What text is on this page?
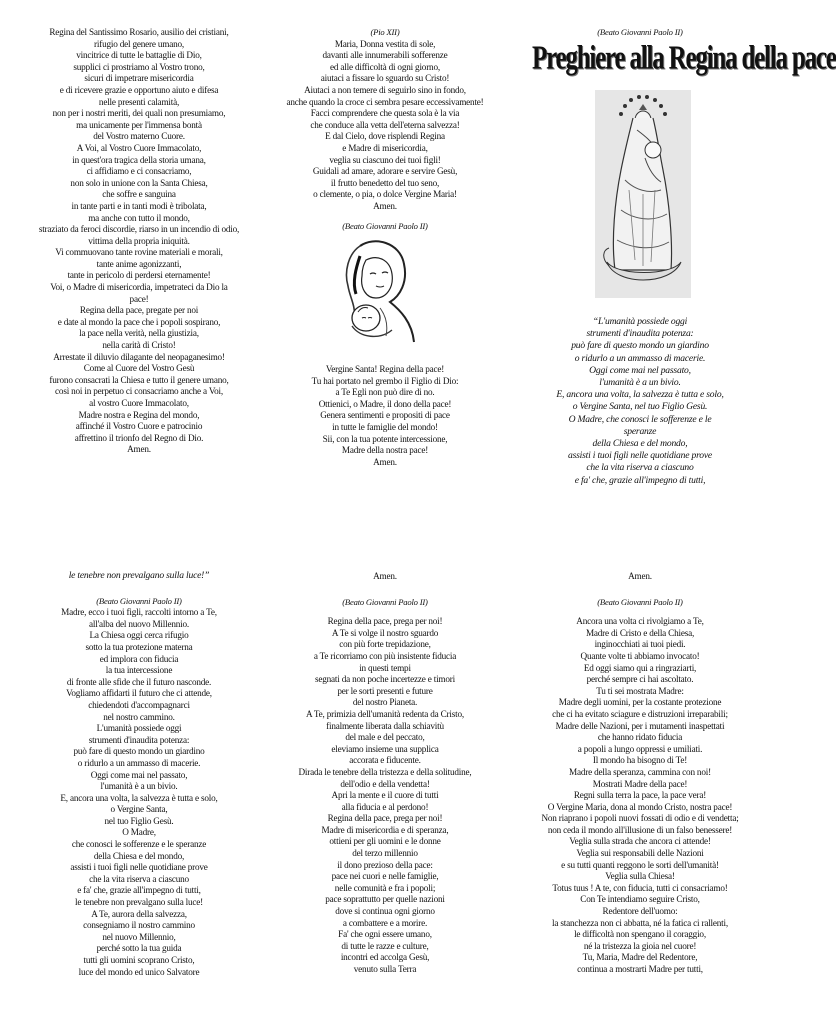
Regina del Santissimo Rosario, ausilio dei cristiani,
rifugio del genere umano,
vincitrice di tutte le battaglie di Dio,
supplici ci prostriamo al Vostro trono,
sicuri di impetrare misericordia
e di ricevere grazie e opportuno aiuto e difesa
nelle presenti calamità,
non per i nostri meriti, dei quali non presumiamo,
ma unicamente per l'immensa bontà
del Vostro materno Cuore.
A Voi, al Vostro Cuore Immacolato,
in quest'ora tragica della storia umana,
ci affidiamo e ci consacriamo,
non solo in unione con la Santa Chiesa,
che soffre e sanguina
in tante parti e in tanti modi è tribolata,
ma anche con tutto il mondo,
straziato da feroci discordie, riarso in un incendio di odio,
vittima della propria iniquità.
Vi commuovano tante rovine materiali e morali,
tante anime agonizzanti,
tante in pericolo di perdersi eternamente!
Voi, o Madre di misericordia, impetrateci da Dio la
pace!
Regina della pace, pregate per noi
e date al mondo la pace che i popoli sospirano,
la pace nella verità, nella giustizia,
nella carità di Cristo!
Arrestate il diluvio dilagante del neopaganesimo!
Come al Cuore del Vostro Gesù
furono consacrati la Chiesa e tutto il genere umano,
così noi in perpetuo ci consacriamo anche a Voi,
al vostro Cuore Immacolato,
Madre nostra e Regina del mondo,
affinché il Vostro Cuore e patrocinio
affrettino il trionfo del Regno di Dio.
Amen.
(Pio XII)
Maria, Donna vestita di sole,
davanti alle innumerabili sofferenze
ed alle difficoltà di ogni giorno,
aiutaci a fissare lo sguardo su Cristo!
Aiutaci a non temere di seguirlo sino in fondo,
anche quando la croce ci sembra pesare eccessivamente!
Facci comprendere che questa sola è la via
che conduce alla vetta dell'eterna salvezza!
E dal Cielo, dove risplendi Regina
e Madre di misericordia,
veglia su ciascuno dei tuoi figli!
Guidali ad amare, adorare e servire Gesù,
il frutto benedetto del tuo seno,
o clemente, o pia, o dolce Vergine Maria!
Amen.
(Beato Giovanni Paolo II)
Vergine Santa! Regina della pace!
Tu hai portato nel grembo il Figlio di Dio:
a Te Egli non può dire di no.
Ottienici, o Madre, il dono della pace!
Genera sentimenti e propositi di pace
in tutte le famiglie del mondo!
Sii, con la tua potente intercessione,
Madre della nostra pace!
Amen.
(Beato Giovanni Paolo II)
Preghiere alla Regina della pace
“L'umanità possiede oggi
strumenti d'inaudita potenza:
può fare di questo mondo un giardino
o ridurlo a un ammasso di macerie.
Oggi come mai nel passato,
l'umanità è a un bivio.
E, ancora una volta, la salvezza è tutta e solo,
o Vergine Santa, nel tuo Figlio Gesù.
O Madre, che conosci le sofferenze e le
speranze
della Chiesa e del mondo,
assisti i tuoi figli nelle quotidiane prove
che la vita riserva a ciascuno
e fa' che, grazie all'impegno di tutti,
le tenebre non prevalgano sulla luce!”
(Beato Giovanni Paolo II)
Madre, ecco i tuoi figli, raccolti intorno a Te,
all'alba del nuovo Millennio.
La Chiesa oggi cerca rifugio
sotto la tua protezione materna
ed implora con fiducia
la tua intercessione
di fronte alle sfide che il futuro nasconde.
Vogliamo affidarti il futuro che ci attende,
chiedendoti d'accompagnarci
nel nostro cammino.
L'umanità possiede oggi
strumenti d'inaudita potenza:
può fare di questo mondo un giardino
o ridurlo a un ammasso di macerie.
Oggi come mai nel passato,
l'umanità è a un bivio.
E, ancora una volta, la salvezza è tutta e solo,
o Vergine Santa,
nel tuo Figlio Gesù.
O Madre,
che conosci le sofferenze e le speranze
della Chiesa e del mondo,
assisti i tuoi figli nelle quotidiane prove
che la vita riserva a ciascuno
e fa' che, grazie all'impegno di tutti,
le tenebre non prevalgano sulla luce!
A Te, aurora della salvezza,
consegniamo il nostro cammino
nel nuovo Millennio,
perché sotto la tua guida
tutti gli uomini scoprano Cristo,
luce del mondo ed unico Salvatore
Amen.
(Beato Giovanni Paolo II)
Regina della pace, prega per noi!
A Te si volge il nostro sguardo
con più forte trepidazione,
a Te ricorriamo con più insistente fiducia
in questi tempi
segnati da non poche incertezze e timori
per le sorti presenti e future
del nostro Pianeta.
A Te, primizia dell'umanità redenta da Cristo,
finalmente liberata dalla schiavitù
del male e del peccato,
eleviamo insieme una supplica
accorata e fiducente.
Dirada le tenebre della tristezza e della solitudine,
dell'odio e della vendetta!
Apri la mente e il cuore di tutti
alla fiducia e al perdono!
Regina della pace, prega per noi!
Madre di misericordia e di speranza,
ottieni per gli uomini e le donne
del terzo millennio
il dono prezioso della pace:
pace nei cuori e nelle famiglie,
nelle comunità e fra i popoli;
pace soprattutto per quelle nazioni
dove si continua ogni giorno
a combattere e a morire.
Fa' che ogni essere umano,
di tutte le razze e culture,
incontri ed accolga Gesù,
venuto sulla Terra
Amen.
(Beato Giovanni Paolo II)
Ancora una volta ci rivolgiamo a Te,
Madre di Cristo e della Chiesa,
inginocchiati ai tuoi piedi.
Quante volte ti abbiamo invocato!
Ed oggi siamo qui a ringraziarti,
perché sempre ci hai ascoltato.
Tu ti sei mostrata Madre:
Madre degli uomini, per la costante protezione
che ci ha evitato sciagure e distruzioni irreparabili;
Madre delle Nazioni, per i mutamenti inaspettati
che hanno ridato fiducia
a popoli a lungo oppressi e umiliati.
Il mondo ha bisogno di Te!
Madre della speranza, cammina con noi!
Mostrati Madre della pace!
Regni sulla terra la pace, la pace vera!
O Vergine Maria, dona al mondo Cristo, nostra pace!
Non riaprano i popoli nuovi fossati di odio e di vendetta;
non ceda il mondo all'illusione di un falso benessere!
Veglia sulla strada che ancora ci attende!
Veglia sui responsabili delle Nazioni
e su tutti quanti reggono le sorti dell'umanità!
Veglia sulla Chiesa!
Totus tuus ! A te, con fiducia, tutti ci consacriamo!
Con Te intendiamo seguire Cristo,
Redentore dell'uomo:
la stanchezza non ci abbatta, né la fatica ci rallenti,
le difficoltà non spengano il coraggio,
né la tristezza la gioia nel cuore!
Tu, Maria, Madre del Redentore,
continua a mostrarti Madre per tutti,
